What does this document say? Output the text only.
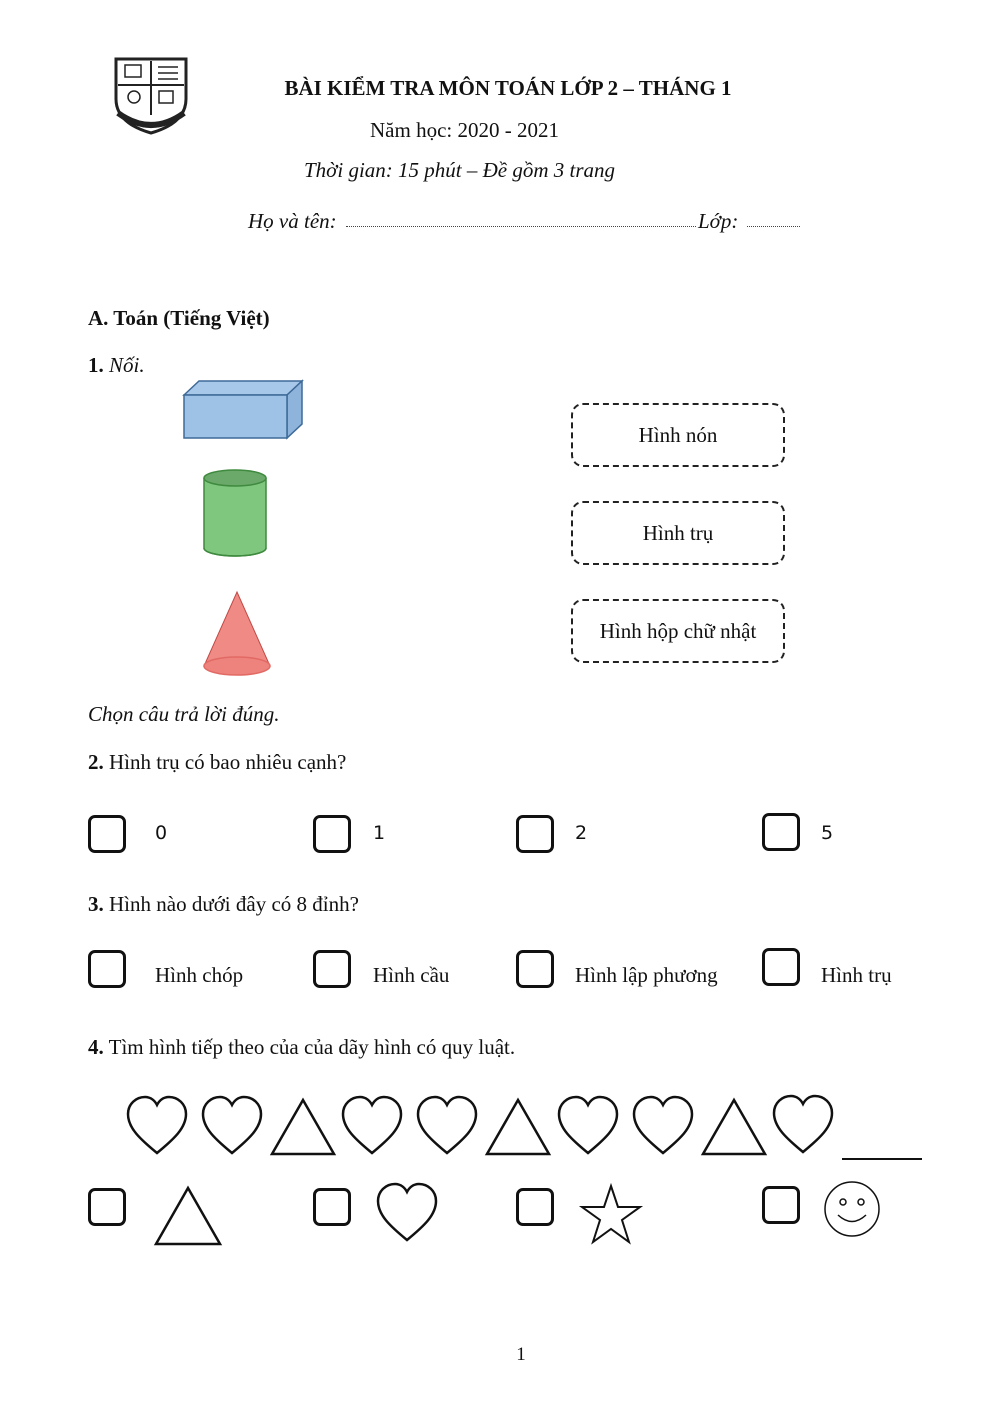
BÀI KIỂM TRA MÔN TOÁN LỚP 2 – THÁNG 1
Năm học: 2020 - 2021
Thời gian: 15 phút – Đề gồm 3 trang
Họ và tên:	Lớp:
A. Toán (Tiếng Việt)
1. Nối.
Hình nón
Hình trụ
Hình hộp chữ nhật
Chọn câu trả lời đúng.
2. Hình trụ có bao nhiêu cạnh?
0	1	2	5
3. Hình nào dưới đây có 8 đỉnh?
Hình chóp	Hình cầu	Hình lập phương	Hình trụ
4. Tìm hình tiếp theo của của dãy hình có quy luật.
1
